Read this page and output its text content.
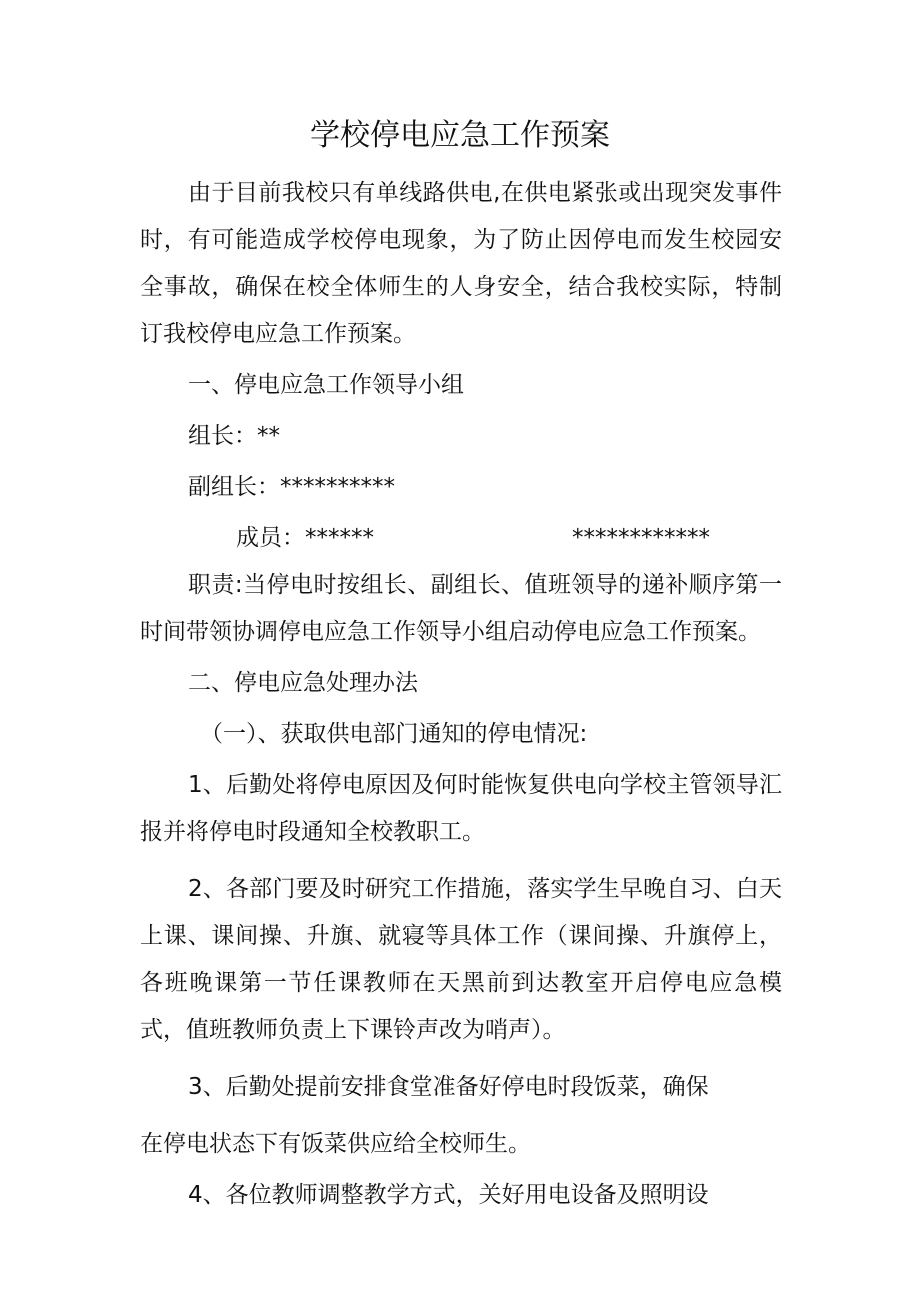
学校停电应急工作预案

由于目前我校只有单线路供电,在供电紧张或出现突发事件时，有可能造成学校停电现象，为了防止因停电而发生校园安全事故，确保在校全体师生的人身安全，结合我校实际，特制订我校停电应急工作预案。

一、停电应急工作领导小组

组长：**

副组长：**********

成员：******	************

职责:当停电时按组长、副组长、值班领导的递补顺序第一时间带领协调停电应急工作领导小组启动停电应急工作预案。

二、停电应急处理办法

（一）、获取供电部门通知的停电情况:

1、后勤处将停电原因及何时能恢复供电向学校主管领导汇报并将停电时段通知全校教职工。

2、各部门要及时研究工作措施，落实学生早晚自习、白天上课、课间操、升旗、就寝等具体工作（课间操、升旗停上，各班晚课第一节任课教师在天黑前到达教室开启停电应急模式，值班教师负责上下课铃声改为哨声）。

3、后勤处提前安排食堂准备好停电时段饭菜，确保

在停电状态下有饭菜供应给全校师生。

4、各位教师调整教学方式，关好用电设备及照明设
